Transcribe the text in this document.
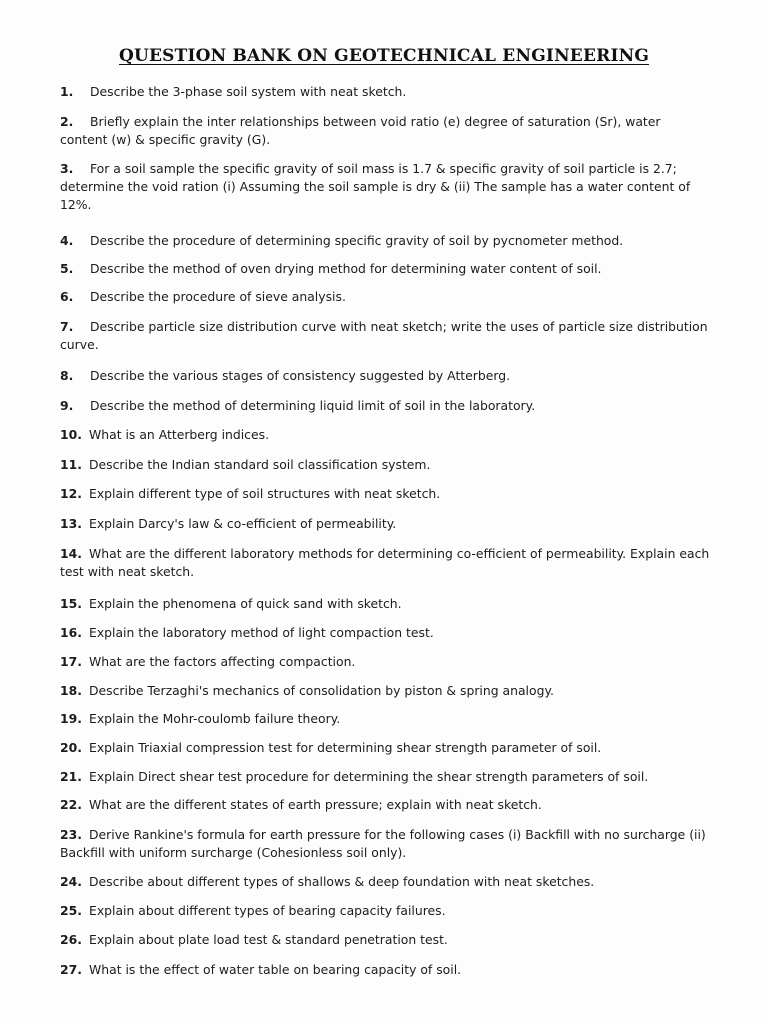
QUESTION BANK ON GEOTECHNICAL ENGINEERING
1. Describe the 3-phase soil system with neat sketch.
2. Briefly explain the inter relationships between void ratio (e) degree of saturation (Sr), water content (w) & specific gravity (G).
3. For a soil sample the specific gravity of soil mass is 1.7 & specific gravity of soil particle is 2.7; determine the void ration (i) Assuming the soil sample is dry & (ii) The sample has a water content of 12%.
4. Describe the procedure of determining specific gravity of soil by pycnometer method.
5. Describe the method of oven drying method for determining water content of soil.
6. Describe the procedure of sieve analysis.
7. Describe particle size distribution curve with neat sketch; write the uses of particle size distribution curve.
8. Describe the various stages of consistency suggested by Atterberg.
9. Describe the method of determining liquid limit of soil in the laboratory.
10. What is an Atterberg indices.
11. Describe the Indian standard soil classification system.
12. Explain different type of soil structures with neat sketch.
13. Explain Darcy's law & co-efficient of permeability.
14. What are the different laboratory methods for determining co-efficient of permeability. Explain each test with neat sketch.
15. Explain the phenomena of quick sand with sketch.
16. Explain the laboratory method of light compaction test.
17. What are the factors affecting compaction.
18. Describe Terzaghi's mechanics of consolidation by piston & spring analogy.
19. Explain the Mohr-coulomb failure theory.
20. Explain Triaxial compression test for determining shear strength parameter of soil.
21. Explain Direct shear test procedure for determining the shear strength parameters of soil.
22. What are the different states of earth pressure; explain with neat sketch.
23. Derive Rankine's formula for earth pressure for the following cases (i) Backfill with no surcharge (ii) Backfill with uniform surcharge (Cohesionless soil only).
24. Describe about different types of shallows & deep foundation with neat sketches.
25. Explain about different types of bearing capacity failures.
26. Explain about plate load test & standard penetration test.
27. What is the effect of water table on bearing capacity of soil.
